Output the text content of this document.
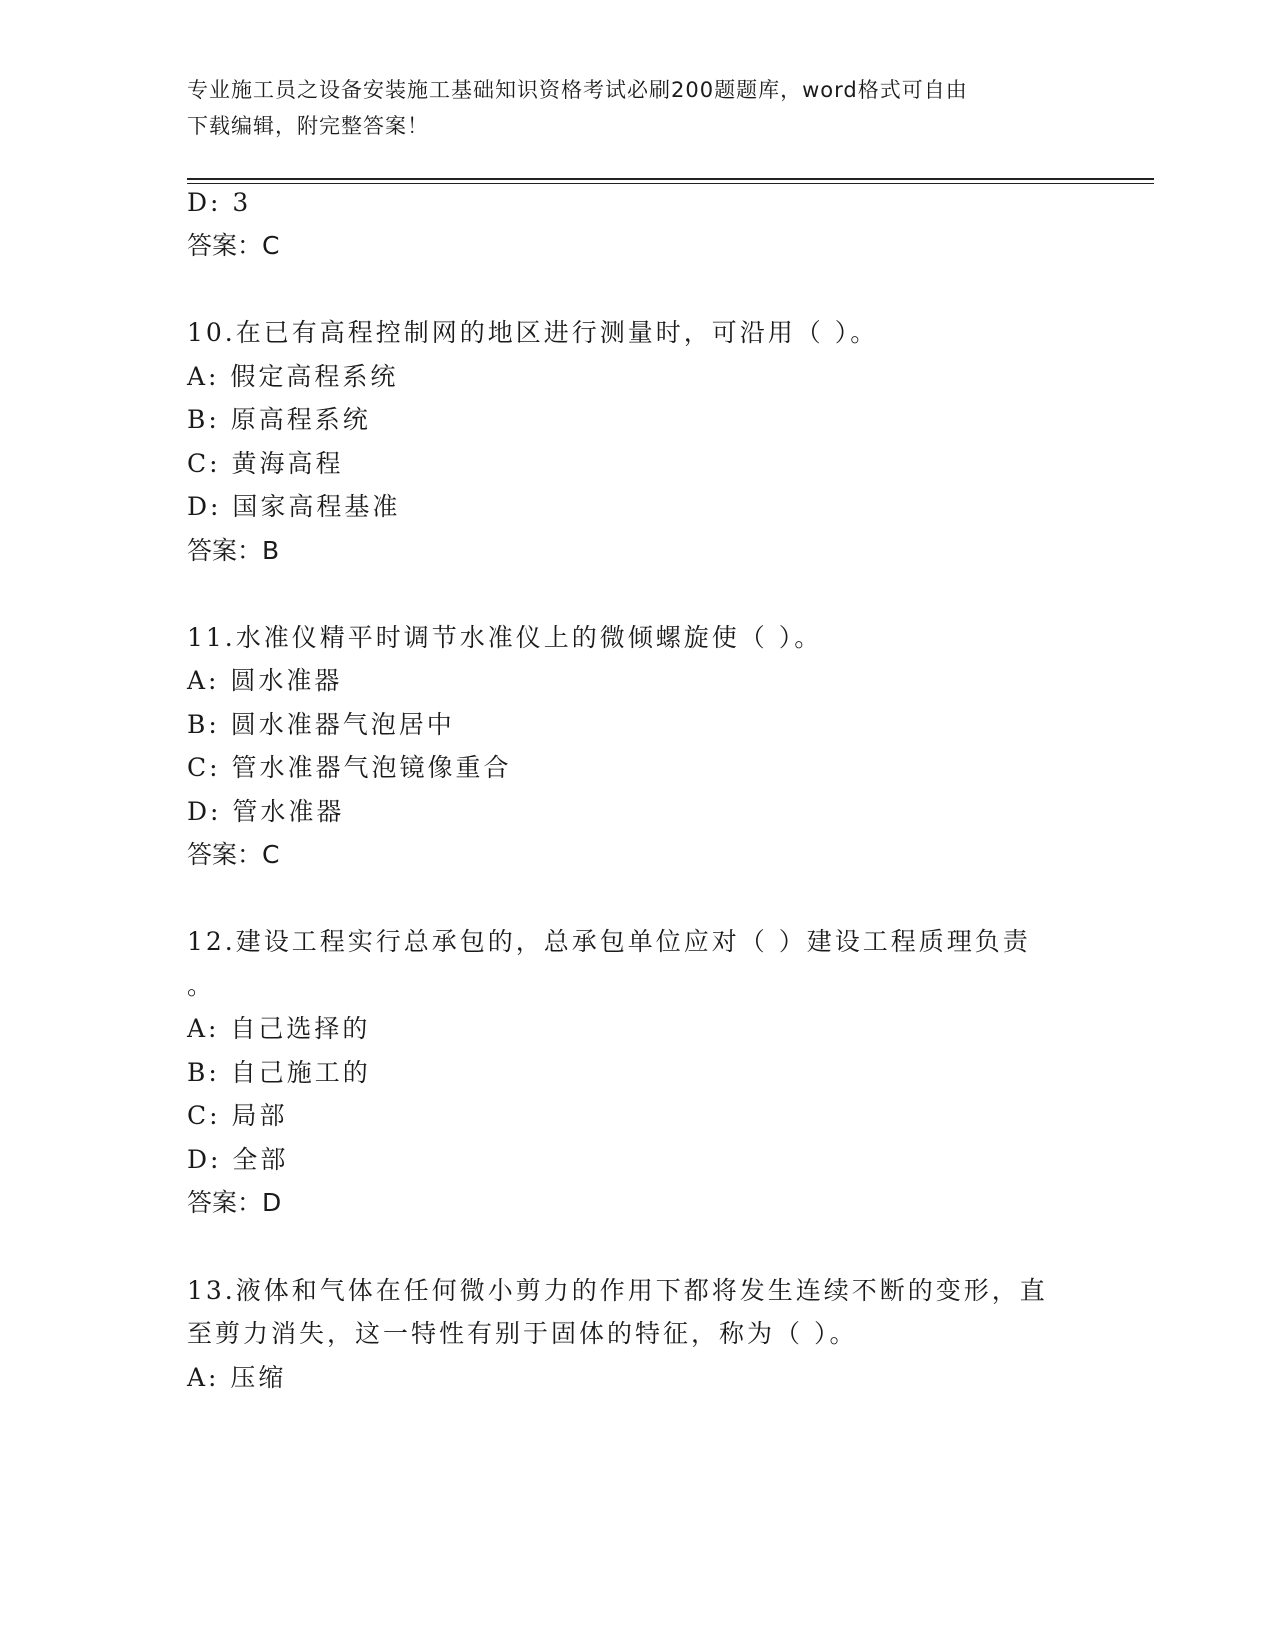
专业施工员之设备安装施工基础知识资格考试必刷200题题库，word格式可自由
下载编辑，附完整答案！
D: 3
答案：C
10.在已有高程控制网的地区进行测量时，可沿用（ ）。
A: 假定高程系统
B: 原高程系统
C: 黄海高程
D: 国家高程基准
答案：B
11.水准仪精平时调节水准仪上的微倾螺旋使（ ）。
A: 圆水准器
B: 圆水准器气泡居中
C: 管水准器气泡镜像重合
D: 管水准器
答案：C
12.建设工程实行总承包的，总承包单位应对（ ）建设工程质理负责
。
A: 自己选择的
B: 自己施工的
C: 局部
D: 全部
答案：D
13.液体和气体在任何微小剪力的作用下都将发生连续不断的变形，直
至剪力消失，这一特性有别于固体的特征，称为（ ）。
A: 压缩
